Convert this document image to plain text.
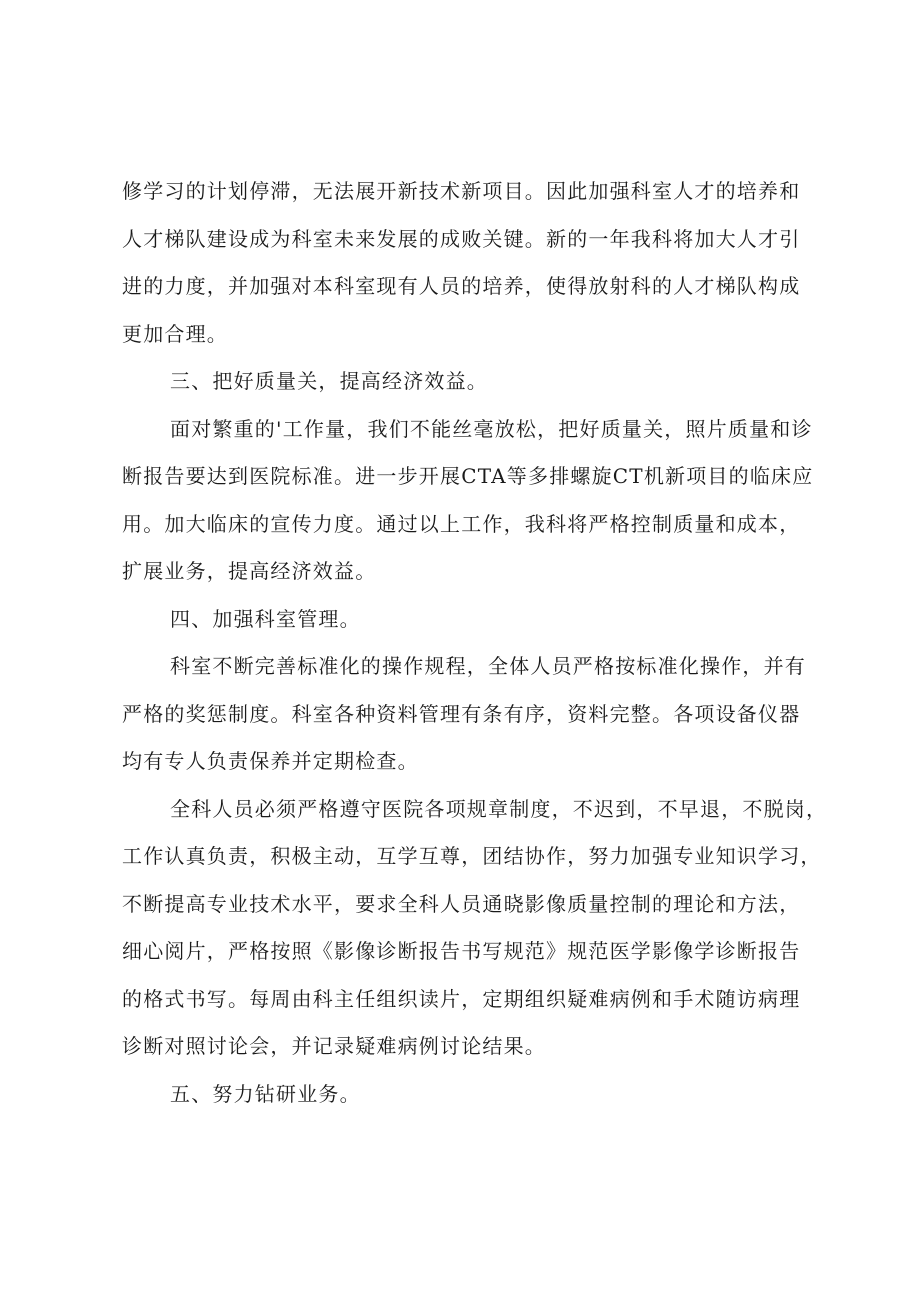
修学习的计划停滞，无法展开新技术新项目。因此加强科室人才的培养和
人才梯队建设成为科室未来发展的成败关键。新的一年我科将加大人才引
进的力度，并加强对本科室现有人员的培养，使得放射科的人才梯队构成
更加合理。
三、把好质量关，提高经济效益。
面对繁重的'工作量，我们不能丝毫放松，把好质量关，照片质量和诊
断报告要达到医院标准。进一步开展CTA等多排螺旋CT机新项目的临床应
用。加大临床的宣传力度。通过以上工作，我科将严格控制质量和成本，
扩展业务，提高经济效益。
四、加强科室管理。
科室不断完善标准化的操作规程，全体人员严格按标准化操作，并有
严格的奖惩制度。科室各种资料管理有条有序，资料完整。各项设备仪器
均有专人负责保养并定期检查。
全科人员必须严格遵守医院各项规章制度，不迟到，不早退，不脱岗，
工作认真负责，积极主动，互学互尊，团结协作，努力加强专业知识学习，
不断提高专业技术水平，要求全科人员通晓影像质量控制的理论和方法，
细心阅片，严格按照《影像诊断报告书写规范》规范医学影像学诊断报告
的格式书写。每周由科主任组织读片，定期组织疑难病例和手术随访病理
诊断对照讨论会，并记录疑难病例讨论结果。
五、努力钻研业务。
